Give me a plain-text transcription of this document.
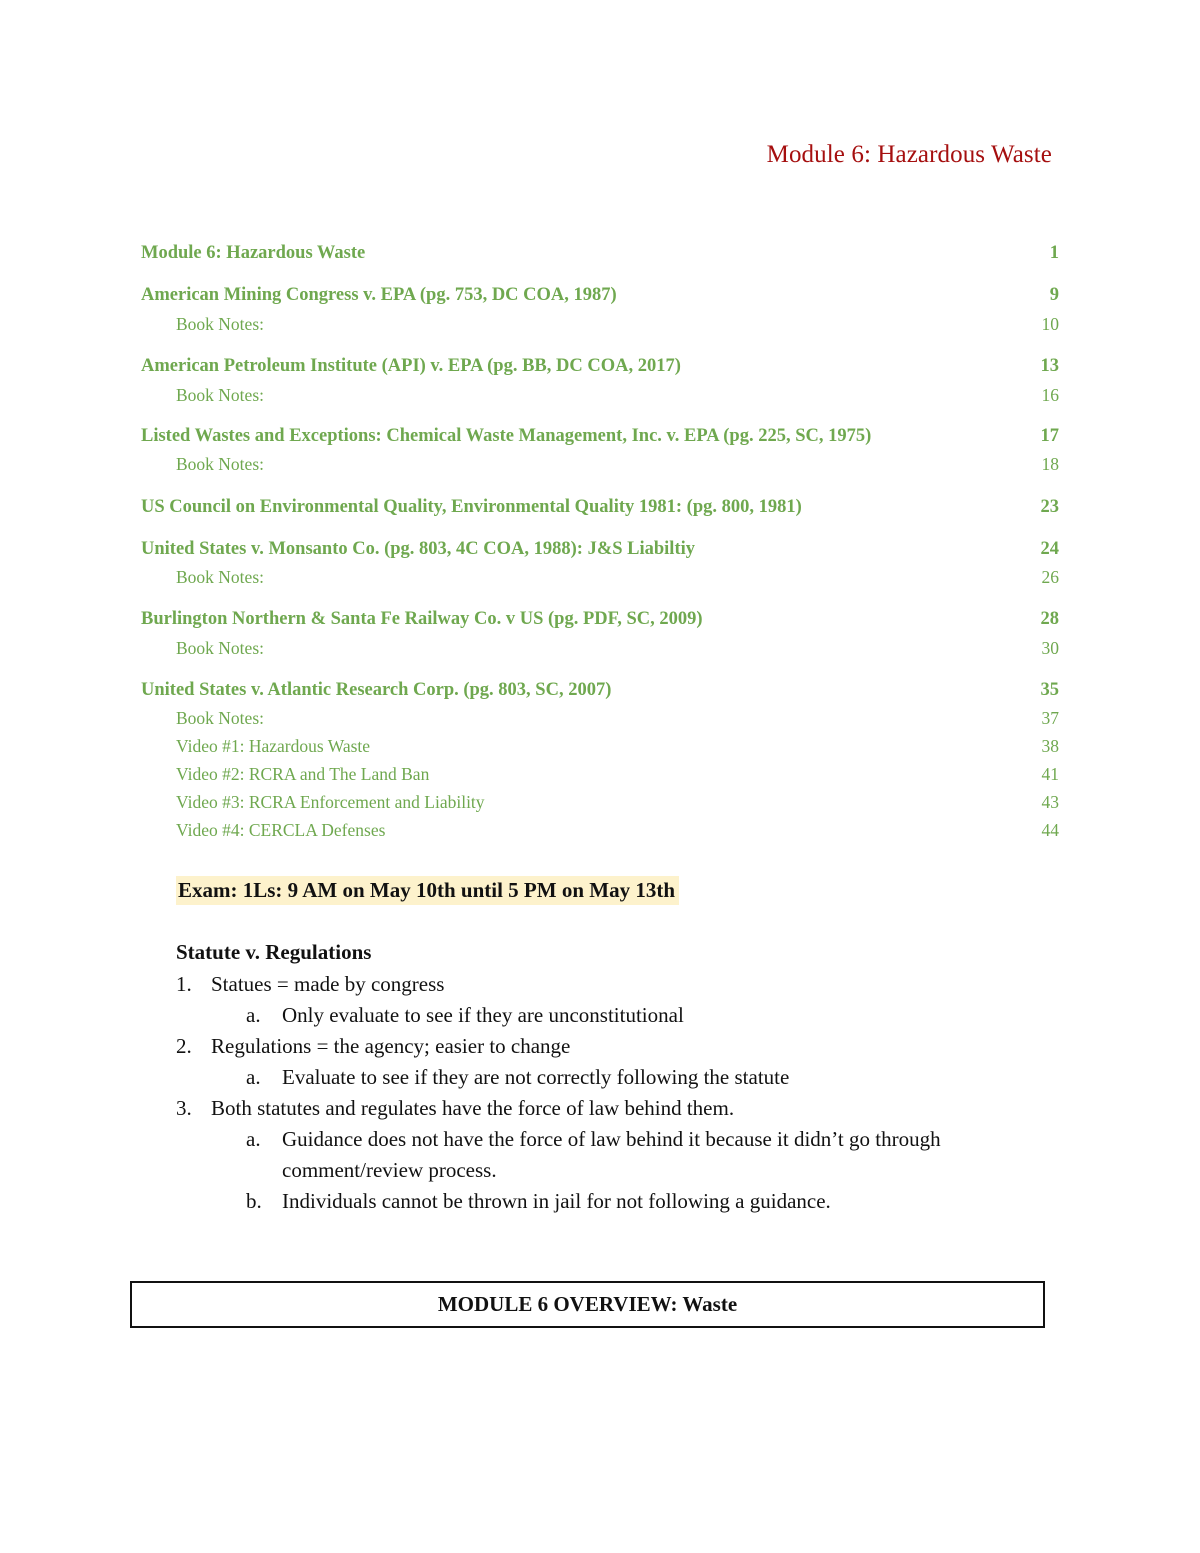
Module 6: Hazardous Waste
Module 6: Hazardous Waste	1
American Mining Congress v. EPA (pg. 753, DC COA, 1987)	9
Book Notes:	10
American Petroleum Institute (API) v. EPA (pg. BB, DC COA, 2017)	13
Book Notes:	16
Listed Wastes and Exceptions: Chemical Waste Management, Inc. v. EPA (pg. 225, SC, 1975)	17
Book Notes:	18
US Council on Environmental Quality, Environmental Quality 1981: (pg. 800, 1981)	23
United States v. Monsanto Co. (pg. 803, 4C COA, 1988): J&S Liabiltiy	24
Book Notes:	26
Burlington Northern & Santa Fe Railway Co. v US (pg. PDF, SC, 2009)	28
Book Notes:	30
United States v. Atlantic Research Corp. (pg. 803, SC, 2007)	35
Book Notes:	37
Video #1: Hazardous Waste	38
Video #2: RCRA and The Land Ban	41
Video #3: RCRA Enforcement and Liability	43
Video #4: CERCLA Defenses	44
Exam: 1Ls: 9 AM on May 10th until 5 PM on May 13th
Statute v. Regulations
1. Statues = made by congress
a. Only evaluate to see if they are unconstitutional
2. Regulations = the agency; easier to change
a. Evaluate to see if they are not correctly following the statute
3. Both statutes and regulates have the force of law behind them.
a. Guidance does not have the force of law behind it because it didn’t go through
comment/review process.
b. Individuals cannot be thrown in jail for not following a guidance.
MODULE 6 OVERVIEW: Waste
